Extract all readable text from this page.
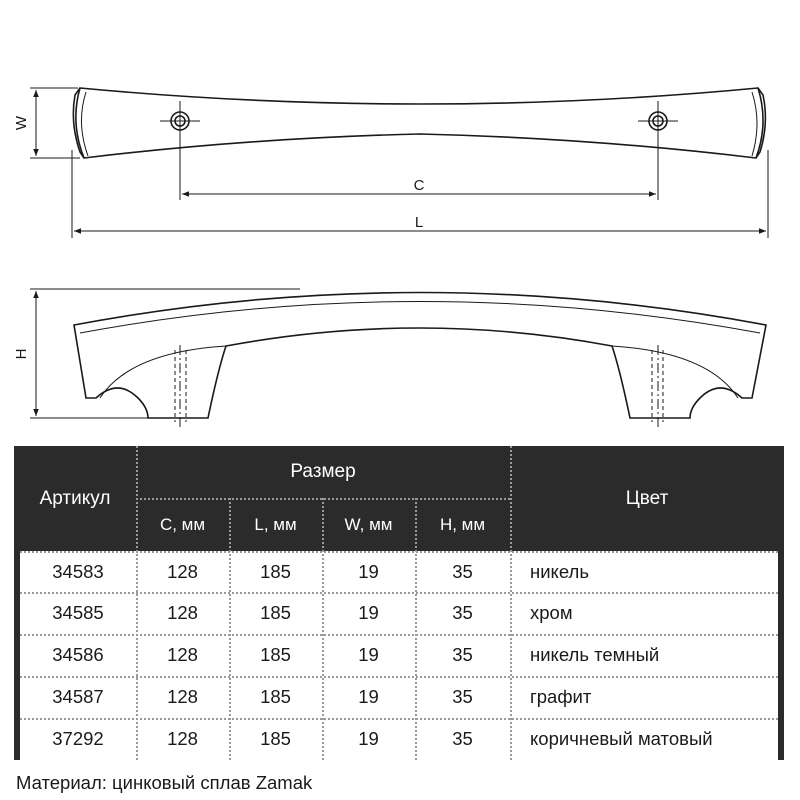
W
C
L
H
Артикул
Размер
C, мм	L, мм	W, мм	H, мм
Цвет
34583	128	185	19	35	никель
34585	128	185	19	35	хром
34586	128	185	19	35	никель темный
34587	128	185	19	35	графит
37292	128	185	19	35	коричневый матовый
Материал: цинковый сплав Zamak
